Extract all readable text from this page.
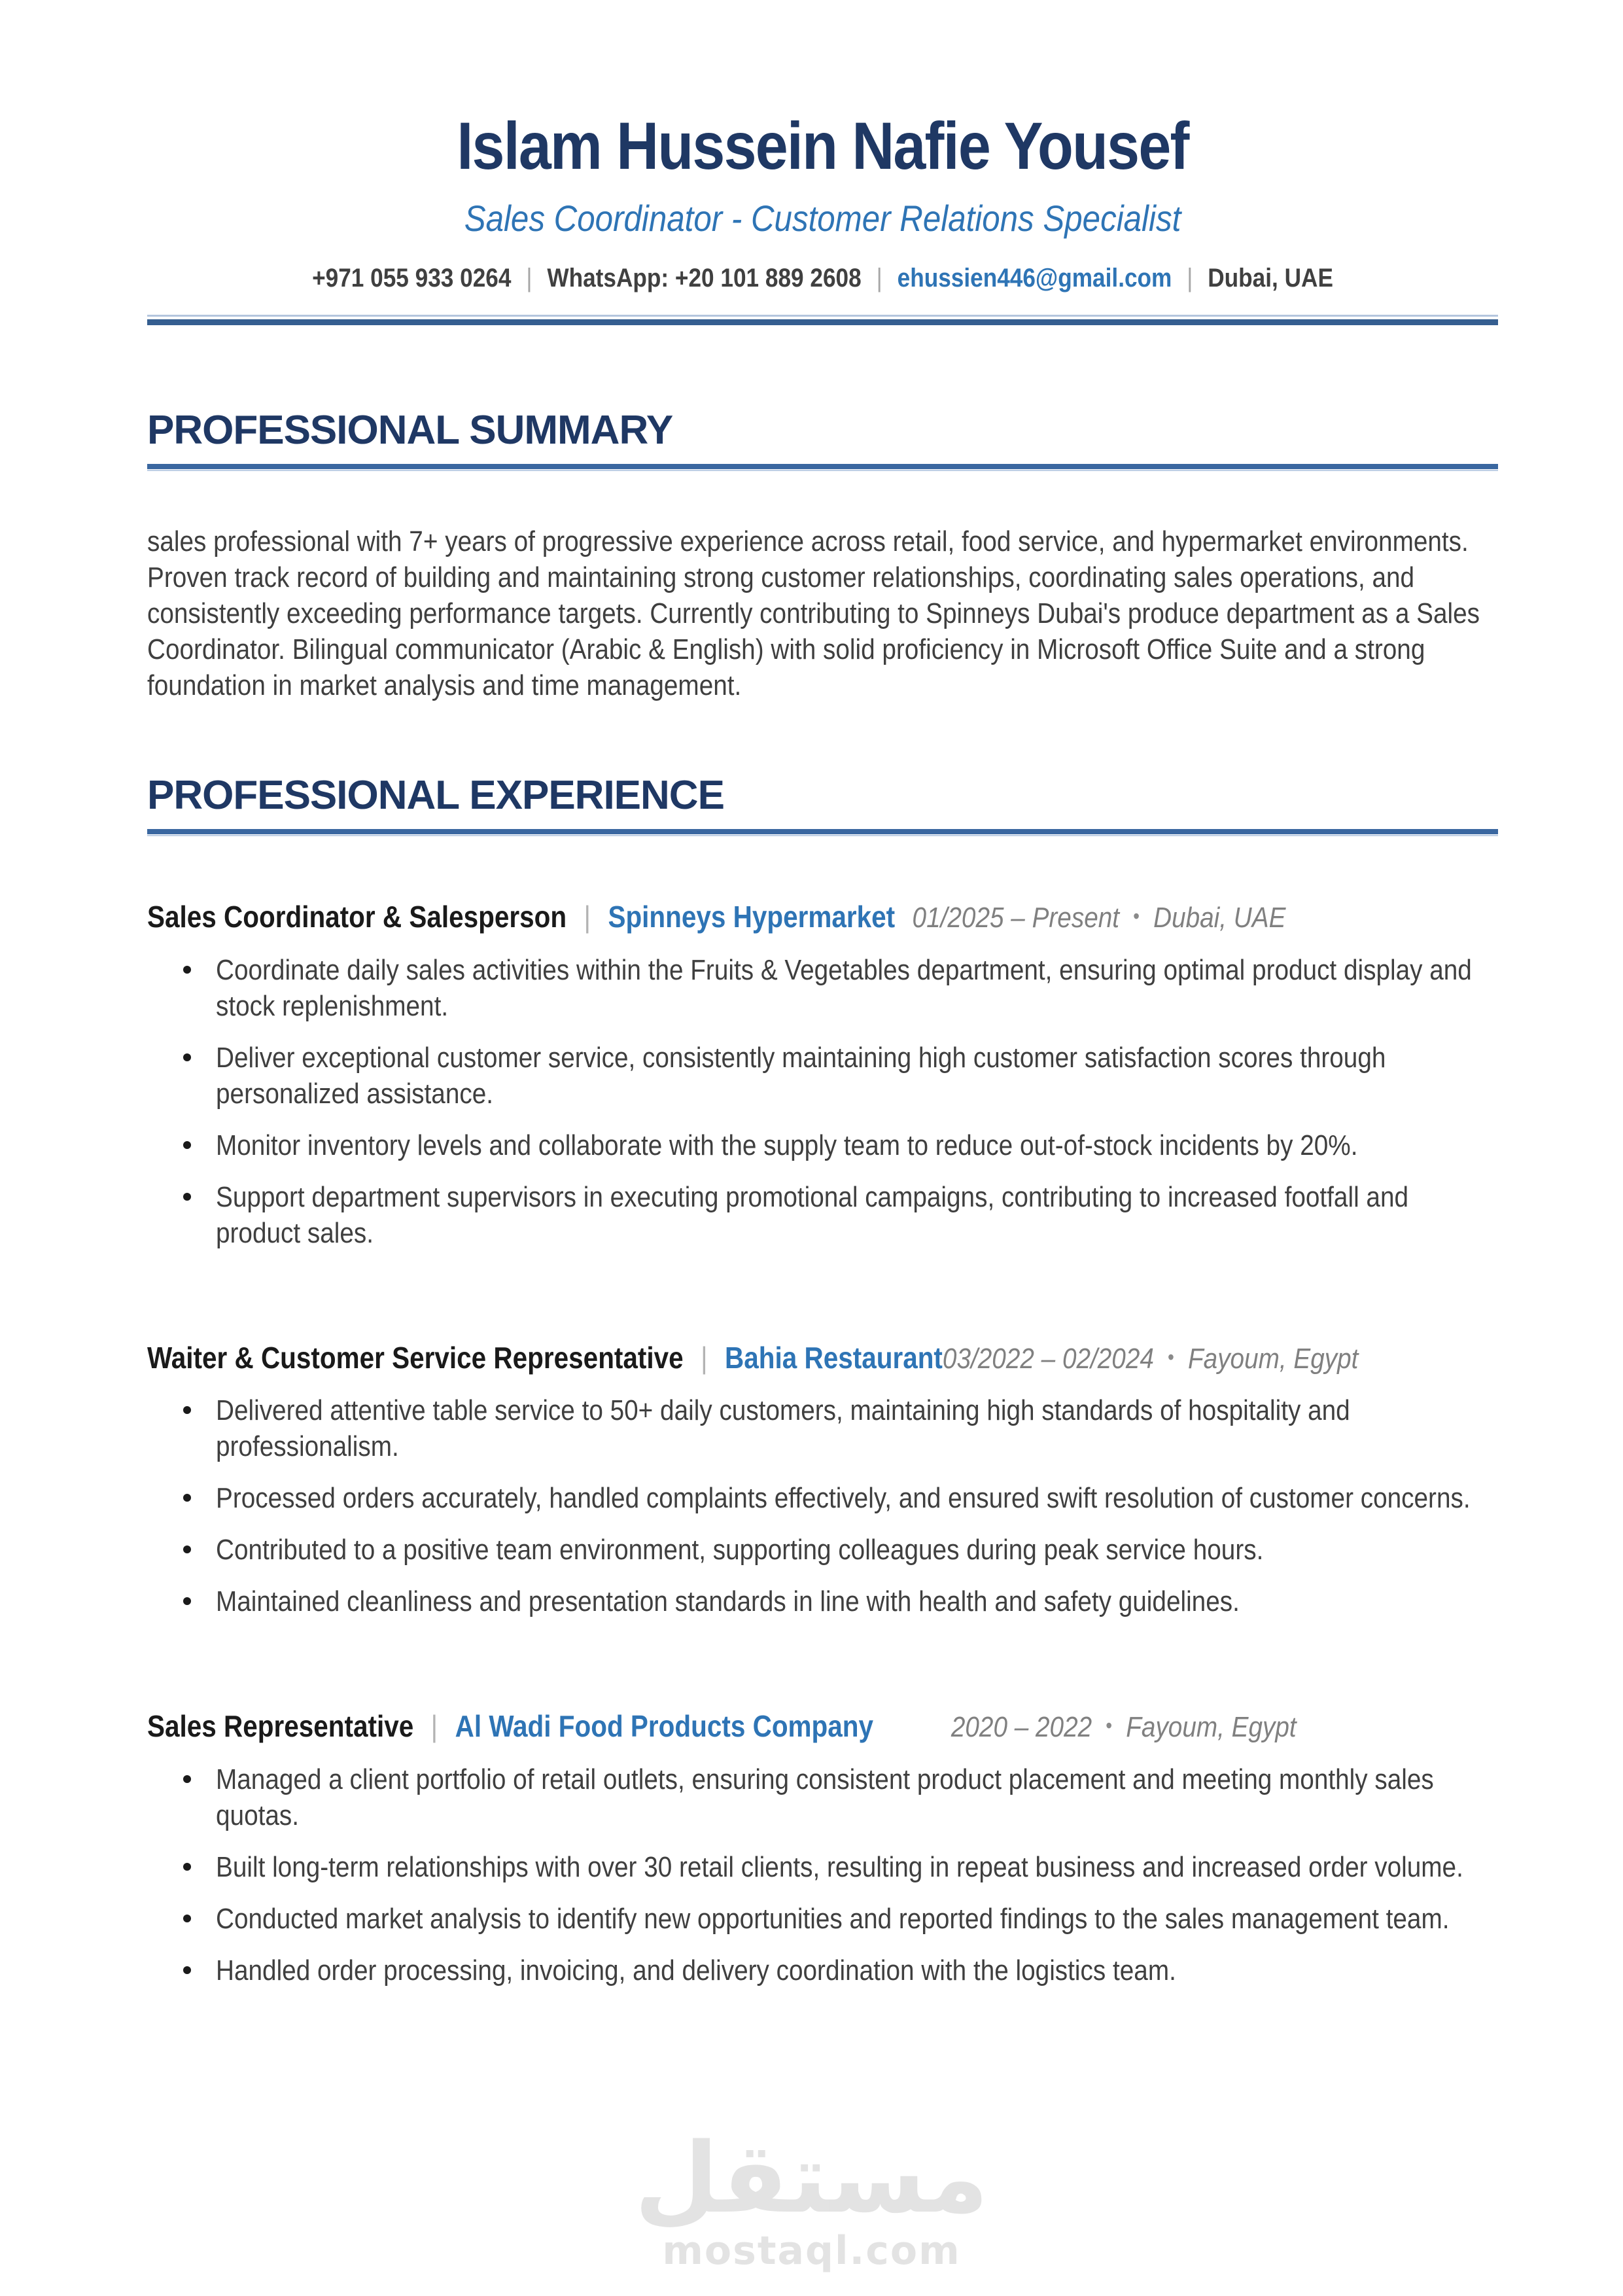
Islam Hussein Nafie Yousef
Sales Coordinator - Customer Relations Specialist
+971 055 933 0264 | WhatsApp: +20 101 889 2608 | ehussien446@gmail.com | Dubai, UAE
PROFESSIONAL SUMMARY
sales professional with 7+ years of progressive experience across retail, food service, and hypermarket environments. Proven track record of building and maintaining strong customer relationships, coordinating sales operations, and consistently exceeding performance targets. Currently contributing to Spinneys Dubai's produce department as a Sales Coordinator. Bilingual communicator (Arabic & English) with solid proficiency in Microsoft Office Suite and a strong foundation in market analysis and time management.
PROFESSIONAL EXPERIENCE
Sales Coordinator & Salesperson | Spinneys Hypermarket 01/2025 – Present • Dubai, UAE
Coordinate daily sales activities within the Fruits & Vegetables department, ensuring optimal product display and stock replenishment.
Deliver exceptional customer service, consistently maintaining high customer satisfaction scores through personalized assistance.
Monitor inventory levels and collaborate with the supply team to reduce out-of-stock incidents by 20%.
Support department supervisors in executing promotional campaigns, contributing to increased footfall and product sales.
Waiter & Customer Service Representative | Bahia Restaurant03/2022 – 02/2024 • Fayoum, Egypt
Delivered attentive table service to 50+ daily customers, maintaining high standards of hospitality and professionalism.
Processed orders accurately, handled complaints effectively, and ensured swift resolution of customer concerns.
Contributed to a positive team environment, supporting colleagues during peak service hours.
Maintained cleanliness and presentation standards in line with health and safety guidelines.
Sales Representative | Al Wadi Food Products Company	2020 – 2022 • Fayoum, Egypt
Managed a client portfolio of retail outlets, ensuring consistent product placement and meeting monthly sales quotas.
Built long-term relationships with over 30 retail clients, resulting in repeat business and increased order volume.
Conducted market analysis to identify new opportunities and reported findings to the sales management team.
Handled order processing, invoicing, and delivery coordination with the logistics team.
مستقل
mostaql.com
